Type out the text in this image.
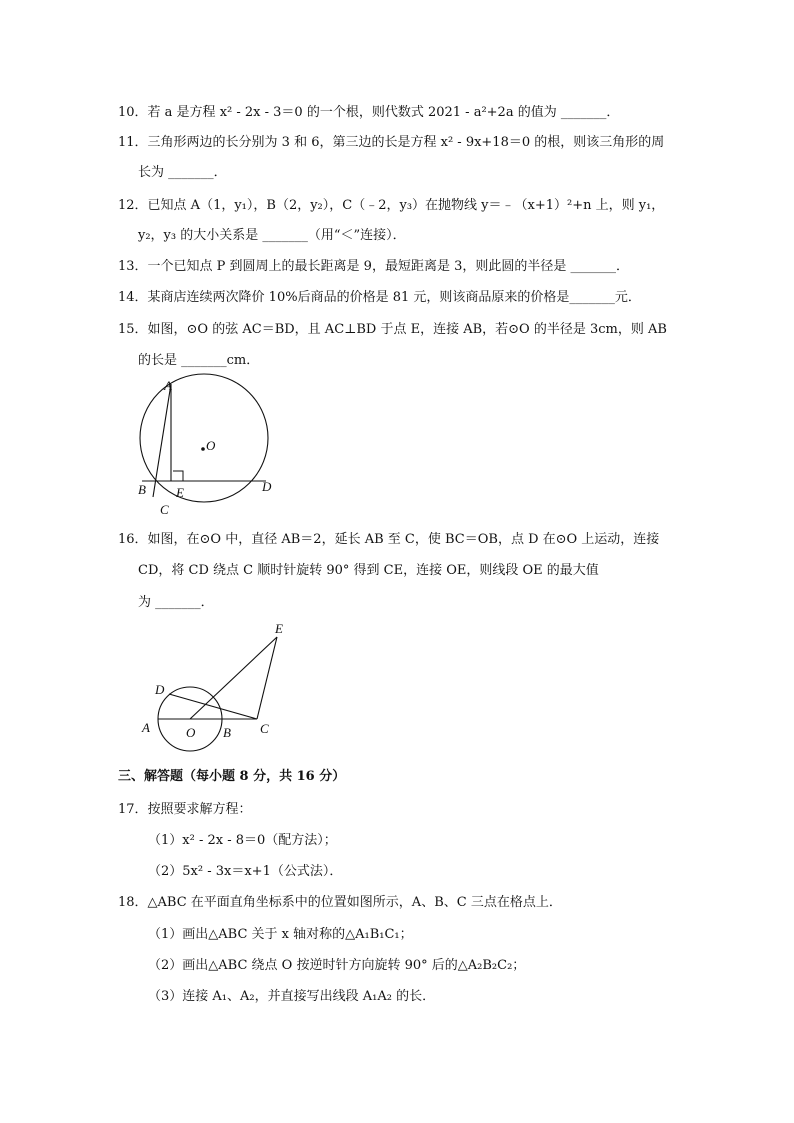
10．若 a 是方程 x² - 2x - 3＝0 的一个根，则代数式 2021 - a²+2a 的值为 _______．
11．三角形两边的长分别为 3 和 6，第三边的长是方程 x² - 9x+18＝0 的根，则该三角形的周
长为 _______．
12．已知点 A（1，y₁），B（2，y₂），C（﹣2，y₃）在抛物线 y＝﹣（x+1）²+n 上，则 y₁，
y₂，y₃ 的大小关系是 _______（用“＜”连接）．
13．一个已知点 P 到圆周上的最长距离是 9，最短距离是 3，则此圆的半径是 _______．
14．某商店连续两次降价 10%后商品的价格是 81 元，则该商品原来的价格是_______元．
15．如图，⊙O 的弦 AC＝BD，且 AC⊥BD 于点 E，连接 AB，若⊙O 的半径是 3cm，则 AB
的长是 _______cm．
A
O
B E	D
C
16．如图，在⊙O 中，直径 AB＝2，延长 AB 至 C，使 BC＝OB，点 D 在⊙O 上运动，连接
CD，将 CD 绕点 C 顺时针旋转 90° 得到 CE，连接 OE，则线段 OE 的最大值
为 _______．
E
D
A	O B C
三、解答题（每小题 8 分，共 16 分）
17．按照要求解方程：
（1）x² - 2x - 8＝0（配方法）；
（2）5x² - 3x＝x+1（公式法）．
18．△ABC 在平面直角坐标系中的位置如图所示，A、B、C 三点在格点上．
（1）画出△ABC 关于 x 轴对称的△A₁B₁C₁；
（2）画出△ABC 绕点 O 按逆时针方向旋转 90° 后的△A₂B₂C₂；
（3）连接 A₁、A₂，并直接写出线段 A₁A₂ 的长．
